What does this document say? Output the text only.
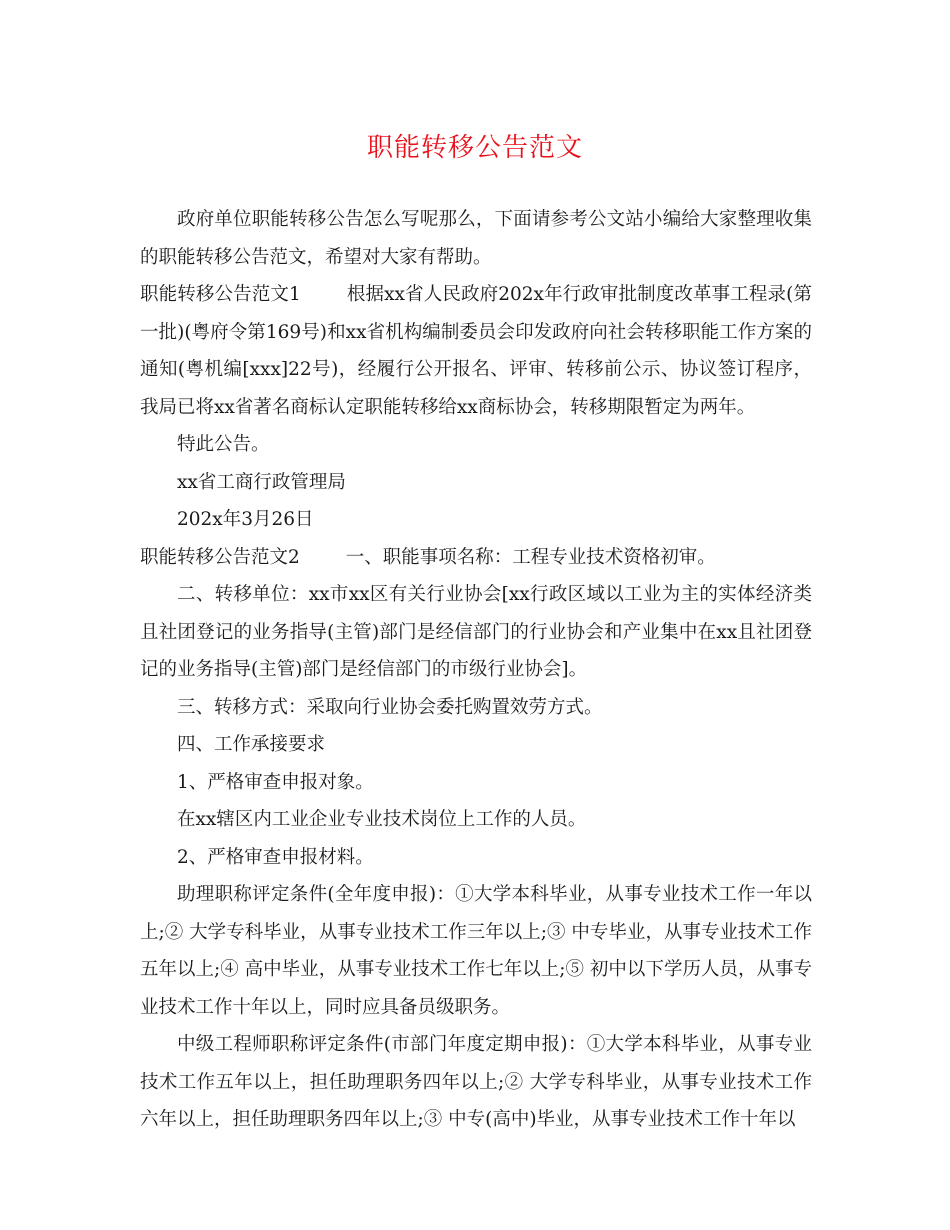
职能转移公告范文

政府单位职能转移公告怎么写呢那么，下面请参考公文站小编给大家整理收集的职能转移公告范文，希望对大家有帮助。

职能转移公告范文1 根据xx省人民政府202x年行政审批制度改革事工程录(第一批)(粤府令第169号)和xx省机构编制委员会印发政府向社会转移职能工作方案的通知(粤机编[xxx]22号)，经履行公开报名、评审、转移前公示、协议签订程序，我局已将xx省著名商标认定职能转移给xx商标协会，转移期限暂定为两年。

特此公告。

xx省工商行政管理局

202x年3月26日

职能转移公告范文2 一、职能事项名称：工程专业技术资格初审。

二、转移单位：xx市xx区有关行业协会[xx行政区域以工业为主的实体经济类且社团登记的业务指导(主管)部门是经信部门的行业协会和产业集中在xx且社团登记的业务指导(主管)部门是经信部门的市级行业协会]。

三、转移方式：采取向行业协会委托购置效劳方式。

四、工作承接要求

1、严格审查申报对象。

在xx辖区内工业企业专业技术岗位上工作的人员。

2、严格审查申报材料。

助理职称评定条件(全年度申报)：①大学本科毕业，从事专业技术工作一年以上;② 大学专科毕业，从事专业技术工作三年以上;③ 中专毕业，从事专业技术工作五年以上;④ 高中毕业，从事专业技术工作七年以上;⑤ 初中以下学历人员，从事专业技术工作十年以上，同时应具备员级职务。

中级工程师职称评定条件(市部门年度定期申报)：①大学本科毕业，从事专业技术工作五年以上，担任助理职务四年以上;② 大学专科毕业，从事专业技术工作六年以上，担任助理职务四年以上;③ 中专(高中)毕业，从事专业技术工作十年以
